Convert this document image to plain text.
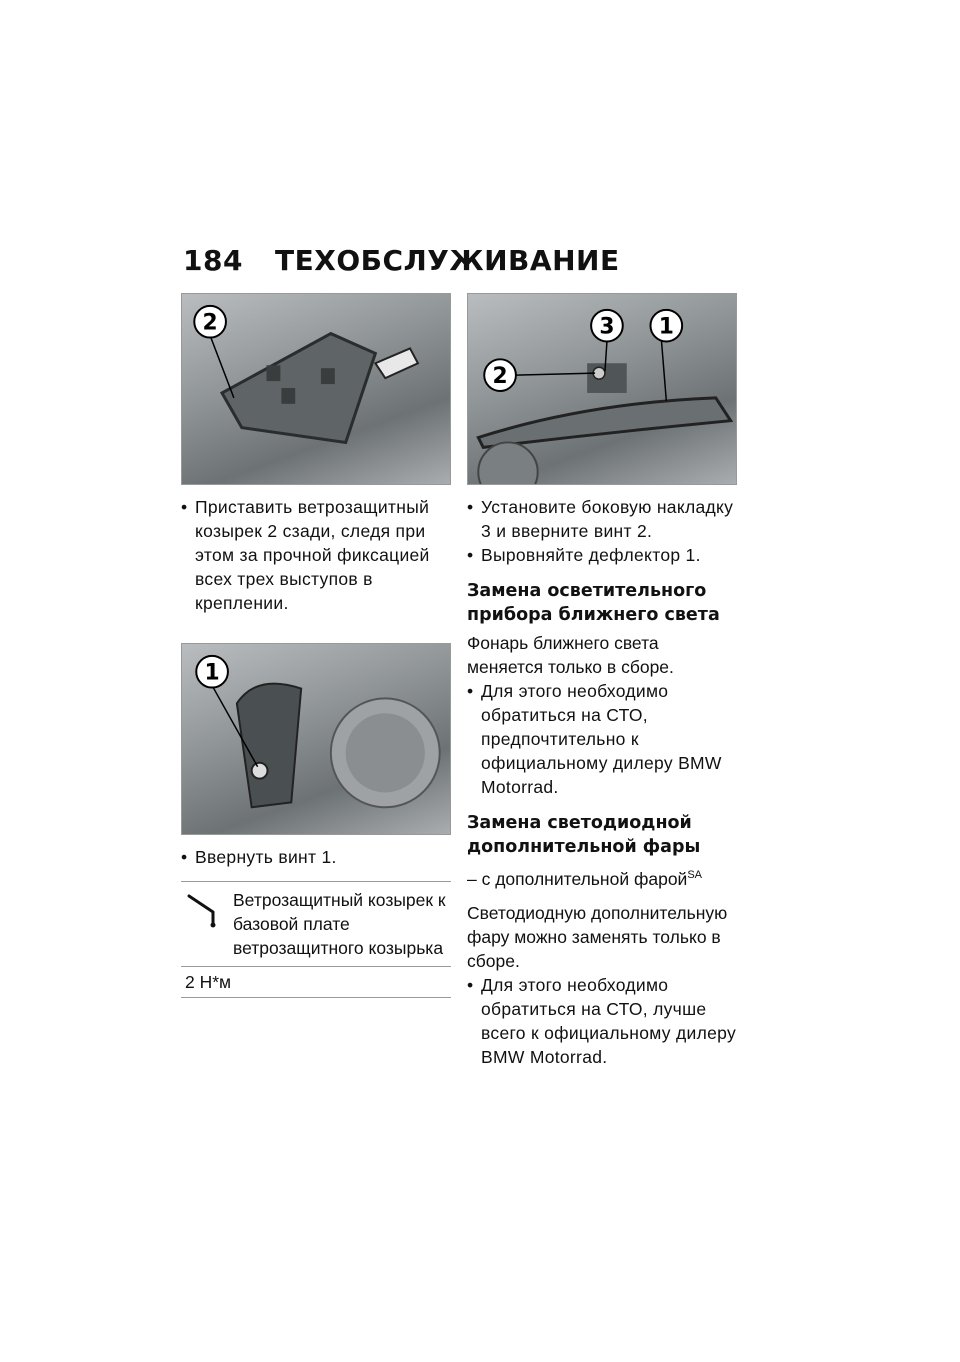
184 ТЕХОБСЛУЖИВАНИЕ
2
• Приставить ветрозащитный козырек 2 сзади, следя при этом за прочной фиксацией всех трех выступов в креплении.
1
• Ввернуть винт 1.
Ветрозащитный козырек к базовой плате ветрозащитного козырька
2 Н*м
3 1
2
• Установите боковую накладку 3 и вверните винт 2.
• Выровняйте дефлектор 1.
Замена осветительного прибора ближнего света

Фонарь ближнего света меняется только в сборе.

• Для этого необходимо обратиться на СТО, предпочтительно к официальному дилеру BMW Motorrad.
Замена светодиодной дополнительной фары
– с дополнительной фарой$^{SA}$

Светодиодную дополнительную фару можно заменять только в сборе.

• Для этого необходимо обратиться на СТО, лучше всего к официальному дилеру BMW Motorrad.
